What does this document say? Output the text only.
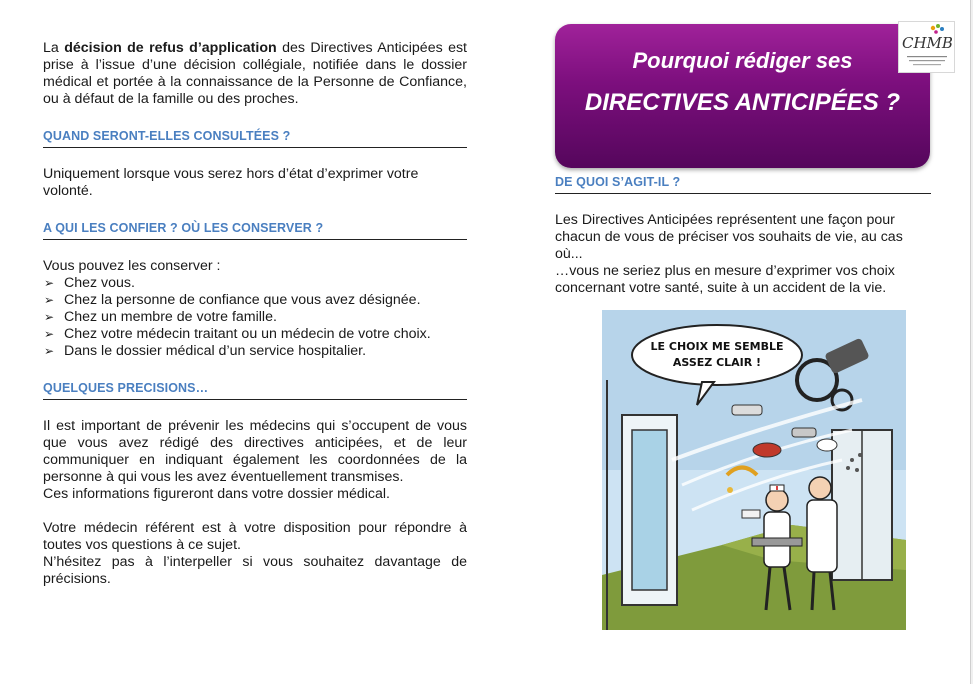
La décision de refus d’application des Directives Anticipées est prise à l’issue d’une décision collégiale, notifiée dans le dossier médical et portée à la connaissance de la Personne de Confiance, ou à défaut de la famille ou des proches.

QUAND SERONT-ELLES CONSULTÉES ?

Uniquement lorsque vous serez hors d’état d’exprimer votre volonté.

A QUI LES CONFIER ? OÙ LES CONSERVER ?

Vous pouvez les conserver :

➢ Chez vous.
➢ Chez la personne de confiance que vous avez désignée.
➢ Chez un membre de votre famille.
➢ Chez votre médecin traitant ou un médecin de votre choix.
➢ Dans le dossier médical d’un service hospitalier.
QUELQUES PRECISIONS…

Il est important de prévenir les médecins qui s’occupent de vous que vous avez rédigé des directives anticipées, et de leur communiquer en indiquant également les coordonnées de la personne à qui vous les avez éventuellement transmises.

Ces informations figureront dans votre dossier médical.

Votre médecin référent est à votre disposition pour répondre à toutes vos questions à ce sujet.

N’hésitez pas à l’interpeller si vous souhaitez davantage de précisions.

Pourquoi rédiger ses
DIRECTIVES ANTICIPÉES ?
CHMB
DE QUOI S’AGIT-IL ?

Les Directives Anticipées représentent une façon pour chacun de vous de préciser vos souhaits de vie, au cas où...

…vous ne seriez plus en mesure d’exprimer vos choix concernant votre santé, suite à un accident de la vie.

LE CHOIX ME SEMBLE
ASSEZ CLAIR !
